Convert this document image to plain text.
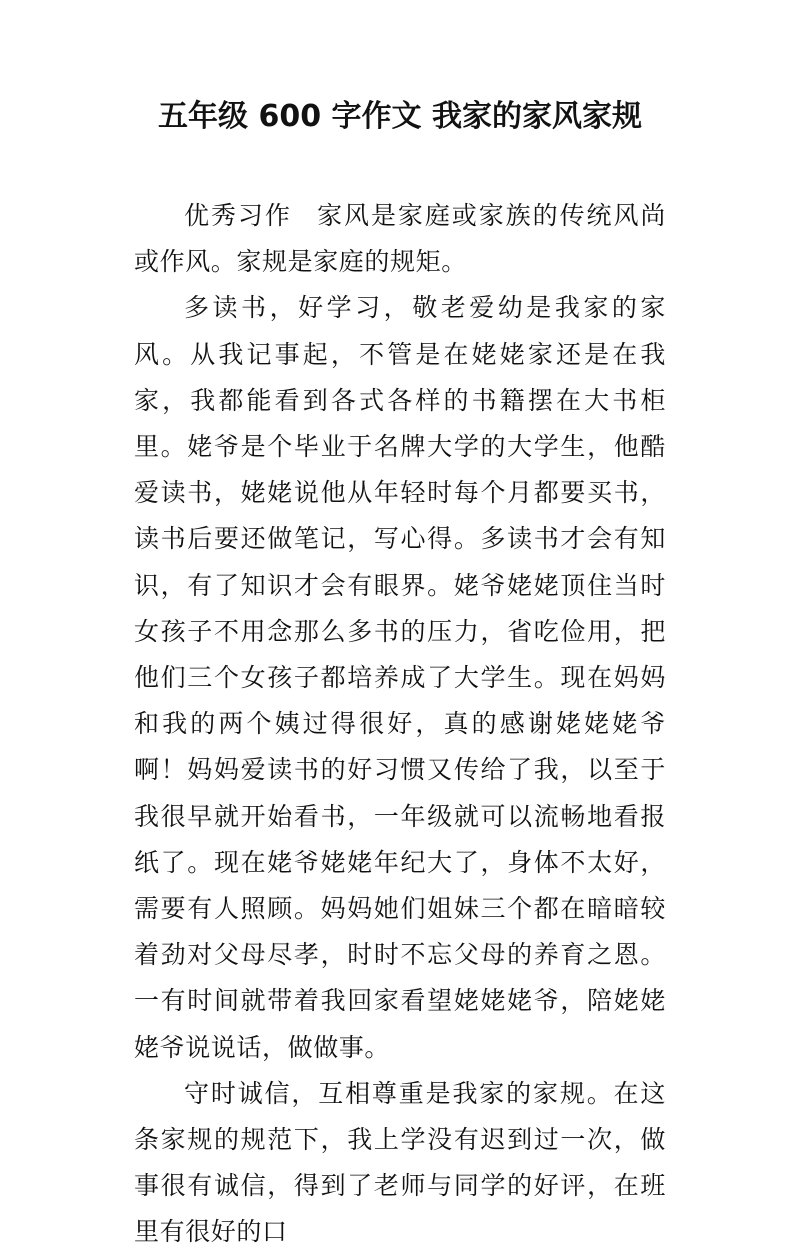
五年级 600 字作文 我家的家风家规

优秀习作 家风是家庭或家族的传统风尚或作风。家规是家庭的规矩。

多读书，好学习，敬老爱幼是我家的家风。从我记事起，不管是在姥姥家还是在我家，我都能看到各式各样的书籍摆在大书柜里。姥爷是个毕业于名牌大学的大学生，他酷爱读书，姥姥说他从年轻时每个月都要买书，读书后要还做笔记，写心得。多读书才会有知识，有了知识才会有眼界。姥爷姥姥顶住当时女孩子不用念那么多书的压力，省吃俭用，把他们三个女孩子都培养成了大学生。现在妈妈和我的两个姨过得很好，真的感谢姥姥姥爷啊！妈妈爱读书的好习惯又传给了我，以至于我很早就开始看书，一年级就可以流畅地看报纸了。现在姥爷姥姥年纪大了，身体不太好，需要有人照顾。妈妈她们姐妹三个都在暗暗较着劲对父母尽孝，时时不忘父母的养育之恩。一有时间就带着我回家看望姥姥姥爷，陪姥姥姥爷说说话，做做事。

守时诚信，互相尊重是我家的家规。在这条家规的规范下，我上学没有迟到过一次，做事很有诚信，得到了老师与同学的好评，在班里有很好的口
